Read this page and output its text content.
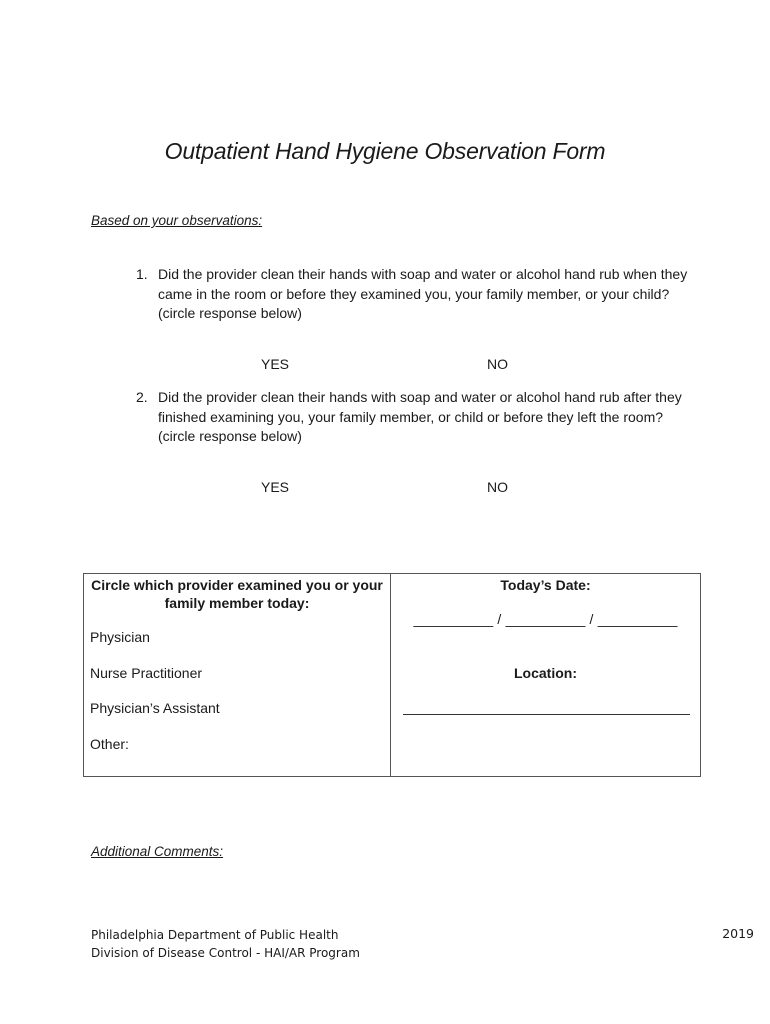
Outpatient Hand Hygiene Observation Form
Based on your observations:
1. Did the provider clean their hands with soap and water or alcohol hand rub when they came in the room or before they examined you, your family member, or your child? (circle response below)
YES	NO
2. Did the provider clean their hands with soap and water or alcohol hand rub after they finished examining you, your family member, or child or before they left the room? (circle response below)
YES	NO
Circle which provider examined you or your family member today:
Physician
Nurse Practitioner
Physician’s Assistant
Other:
Today’s Date:
__________ / __________ / __________
Location:
Additional Comments:
Philadelphia Department of Public Health
Division of Disease Control - HAI/AR Program
2019
